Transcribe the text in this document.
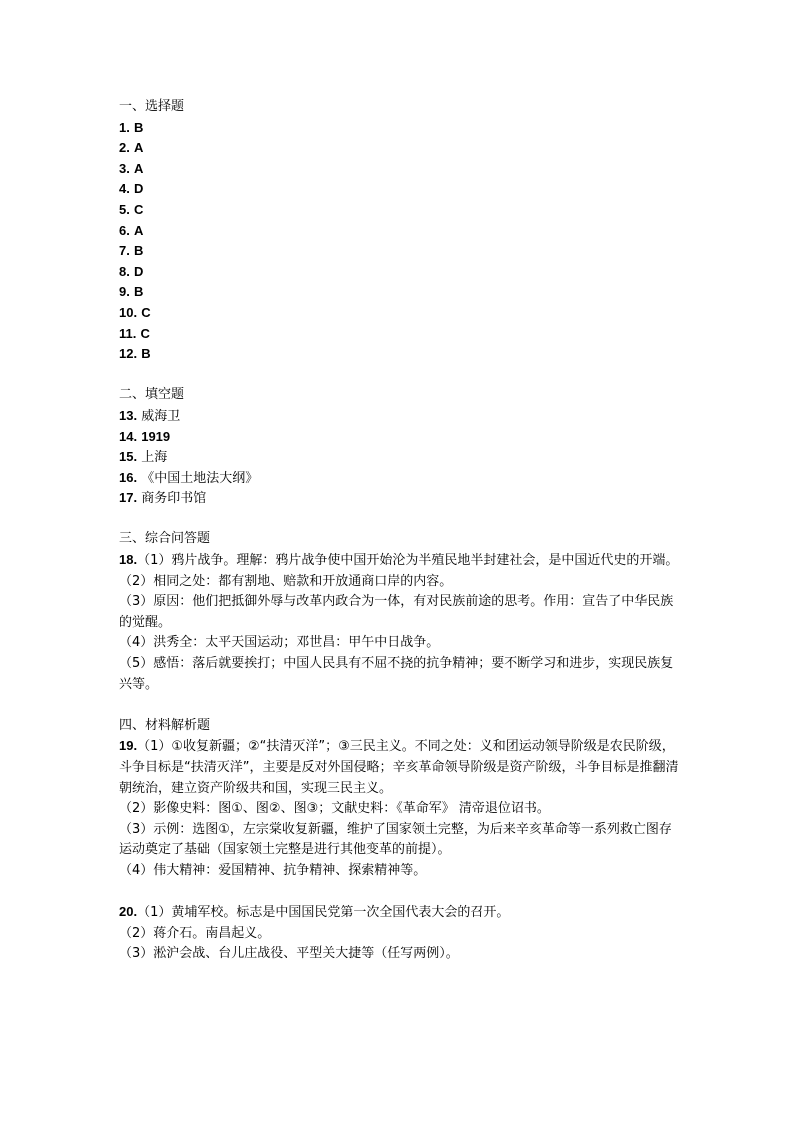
一、选择题
1. B
2. A
3. A
4. D
5. C
6. A
7. B
8. D
9. B
10. C
11. C
12. B
二、填空题
13. 威海卫
14. 1919
15. 上海
16. 《中国土地法大纲》
17. 商务印书馆
三、综合问答题
18.（1）鸦片战争。理解：鸦片战争使中国开始沦为半殖民地半封建社会，是中国近代史的开端。
（2）相同之处：都有割地、赔款和开放通商口岸的内容。
（3）原因：他们把抵御外辱与改革内政合为一体，有对民族前途的思考。作用：宣告了中华民族的觉醒。
（4）洪秀全：太平天国运动；邓世昌：甲午中日战争。
（5）感悟：落后就要挨打；中国人民具有不屈不挠的抗争精神；要不断学习和进步，实现民族复兴等。
四、材料解析题
19.（1）①收复新疆；②“扶清灭洋”；③三民主义。不同之处：义和团运动领导阶级是农民阶级，斗争目标是“扶清灭洋”，主要是反对外国侵略；辛亥革命领导阶级是资产阶级，斗争目标是推翻清朝统治，建立资产阶级共和国，实现三民主义。
（2）影像史料：图①、图②、图③；文献史料：《革命军》 清帝退位诏书。
（3）示例：选图①，左宗棠收复新疆，维护了国家领土完整，为后来辛亥革命等一系列救亡图存运动奠定了基础（国家领土完整是进行其他变革的前提）。
（4）伟大精神：爱国精神、抗争精神、探索精神等。
20.（1）黄埔军校。标志是中国国民党第一次全国代表大会的召开。
（2）蒋介石。南昌起义。
（3）淞沪会战、台儿庄战役、平型关大捷等（任写两例）。
